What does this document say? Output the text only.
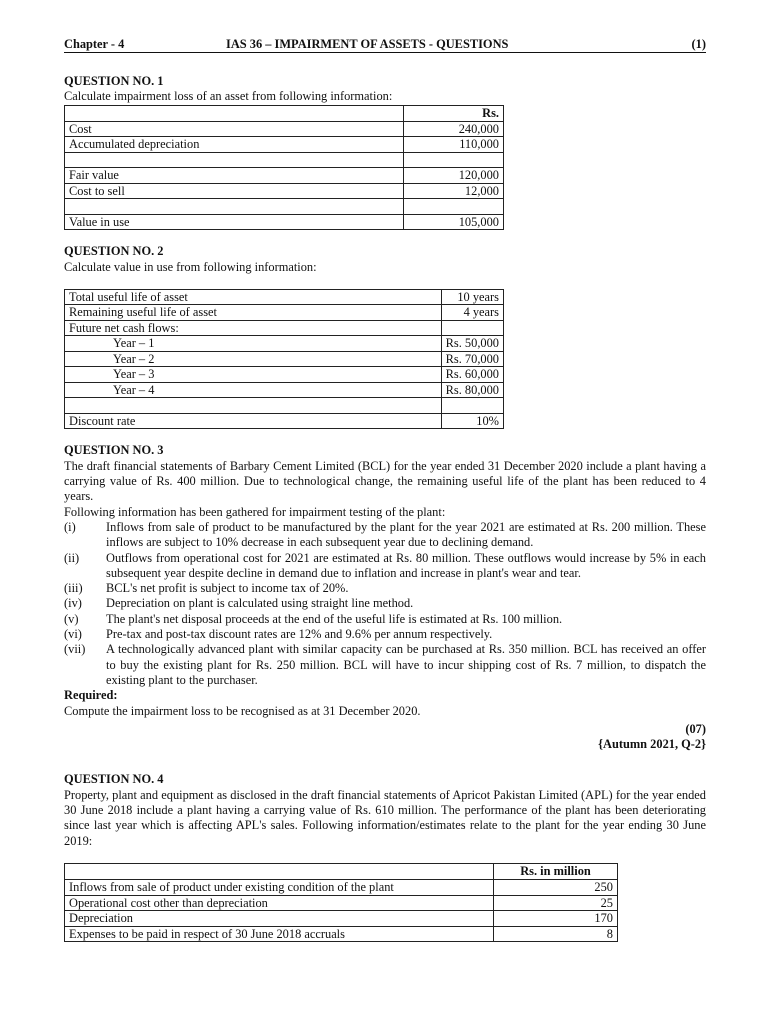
Chapter - 4	IAS 36 – IMPAIRMENT OF ASSETS - QUESTIONS	(1)
QUESTION NO. 1
Calculate impairment loss of an asset from following information:
	Rs.
Cost	240,000
Accumulated depreciation	110,000

Fair value	120,000
Cost to sell	12,000

Value in use	105,000
QUESTION NO. 2
Calculate value in use from following information:
Total useful life of asset	10 years
Remaining useful life of asset	4 years
Future net cash flows:	
Year – 1	Rs. 50,000
Year – 2	Rs. 70,000
Year – 3	Rs. 60,000
Year – 4	Rs. 80,000

Discount rate	10%
QUESTION NO. 3

The draft financial statements of Barbary Cement Limited (BCL) for the year ended 31 December 2020 include a plant having a carrying value of Rs. 400 million. Due to technological change, the remaining useful life of the plant has been reduced to 4 years.

Following information has been gathered for impairment testing of the plant:
(i)	Inflows from sale of product to be manufactured by the plant for the year 2021 are estimated at Rs. 200 million. These inflows are subject to 10% decrease in each subsequent year due to declining demand.
(ii)	Outflows from operational cost for 2021 are estimated at Rs. 80 million. These outflows would increase by 5% in each subsequent year despite decline in demand due to inflation and increase in plant's wear and tear.
(iii)	BCL's net profit is subject to income tax of 20%.
(iv)	Depreciation on plant is calculated using straight line method.
(v)	The plant's net disposal proceeds at the end of the useful life is estimated at Rs. 100 million.
(vi)	Pre-tax and post-tax discount rates are 12% and 9.6% per annum respectively.
(vii)	A technologically advanced plant with similar capacity can be purchased at Rs. 350 million. BCL has received an offer to buy the existing plant for Rs. 250 million. BCL will have to incur shipping cost of Rs. 7 million, to dispatch the existing plant to the purchaser.
Required:
Compute the impairment loss to be recognised as at 31 December 2020.
(07)
{Autumn 2021, Q-2}
QUESTION NO. 4

Property, plant and equipment as disclosed in the draft financial statements of Apricot Pakistan Limited (APL) for the year ended 30 June 2018 include a plant having a carrying value of Rs. 610 million. The performance of the plant has been deteriorating since last year which is affecting APL's sales. Following information/estimates relate to the plant for the year ending 30 June 2019:

	Rs. in million
Inflows from sale of product under existing condition of the plant	250
Operational cost other than depreciation	25
Depreciation	170
Expenses to be paid in respect of 30 June 2018 accruals	8
